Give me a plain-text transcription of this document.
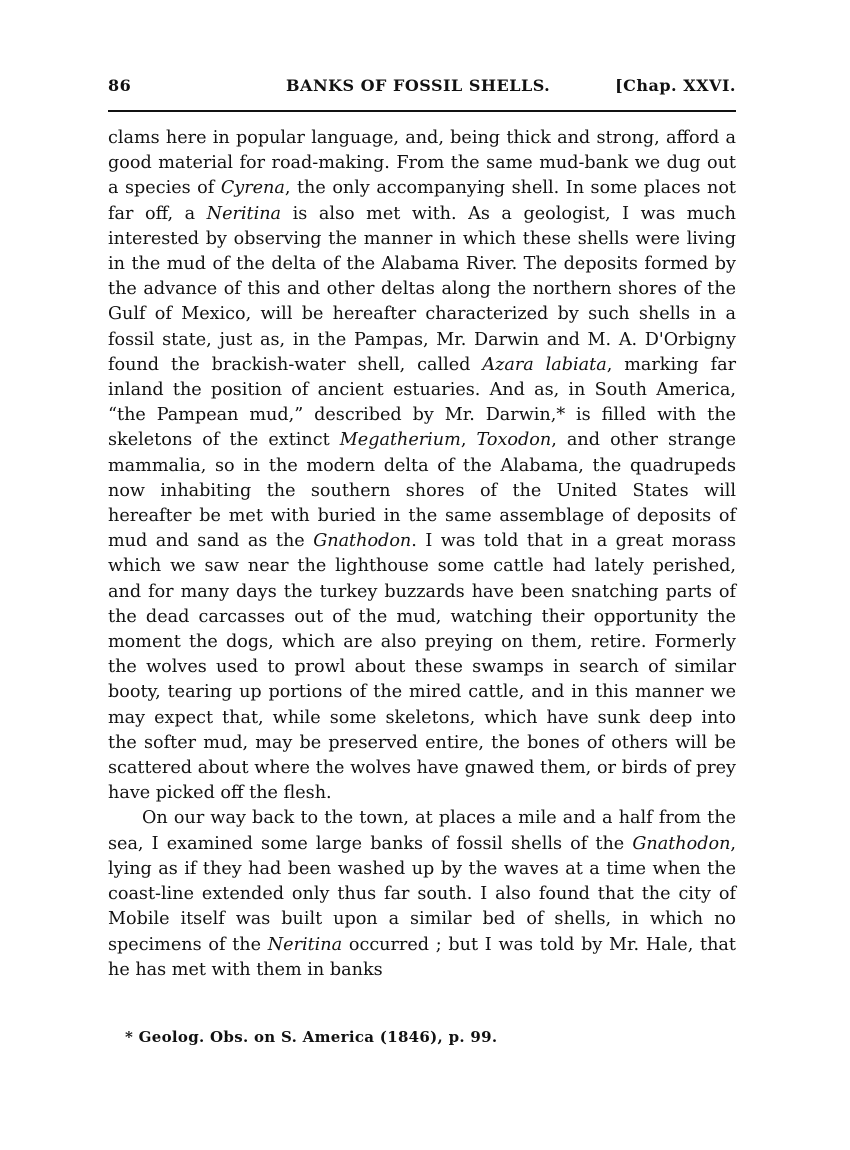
86	BANKS OF FOSSIL SHELLS.	[Chap. XXVI.

clams here in popular language, and, being thick and strong, afford a good material for road-making. From the same mud-bank we dug out a species of Cyrena, the only accompanying shell. In some places not far off, a Neritina is also met with. As a geologist, I was much interested by observing the manner in which these shells were living in the mud of the delta of the Alabama River. The deposits formed by the advance of this and other deltas along the northern shores of the Gulf of Mexico, will be hereafter characterized by such shells in a fossil state, just as, in the Pampas, Mr. Darwin and M. A. D'Orbigny found the brackish-water shell, called Azara labiata, marking far inland the position of ancient estuaries. And as, in South America, “the Pampean mud,” described by Mr. Darwin,* is filled with the skeletons of the extinct Megatherium, Toxodon, and other strange mammalia, so in the modern delta of the Alabama, the quadrupeds now inhabiting the southern shores of the United States will hereafter be met with buried in the same assemblage of deposits of mud and sand as the Gnathodon. I was told that in a great morass which we saw near the lighthouse some cattle had lately perished, and for many days the turkey buzzards have been snatching parts of the dead carcasses out of the mud, watching their opportunity the moment the dogs, which are also preying on them, retire. Formerly the wolves used to prowl about these swamps in search of similar booty, tearing up portions of the mired cattle, and in this manner we may expect that, while some skeletons, which have sunk deep into the softer mud, may be preserved entire, the bones of others will be scattered about where the wolves have gnawed them, or birds of prey have picked off the flesh.

On our way back to the town, at places a mile and a half from the sea, I examined some large banks of fossil shells of the Gnathodon, lying as if they had been washed up by the waves at a time when the coast-line extended only thus far south. I also found that the city of Mobile itself was built upon a similar bed of shells, in which no specimens of the Neritina occurred ; but I was told by Mr. Hale, that he has met with them in banks

* Geolog. Obs. on S. America (1846), p. 99.
